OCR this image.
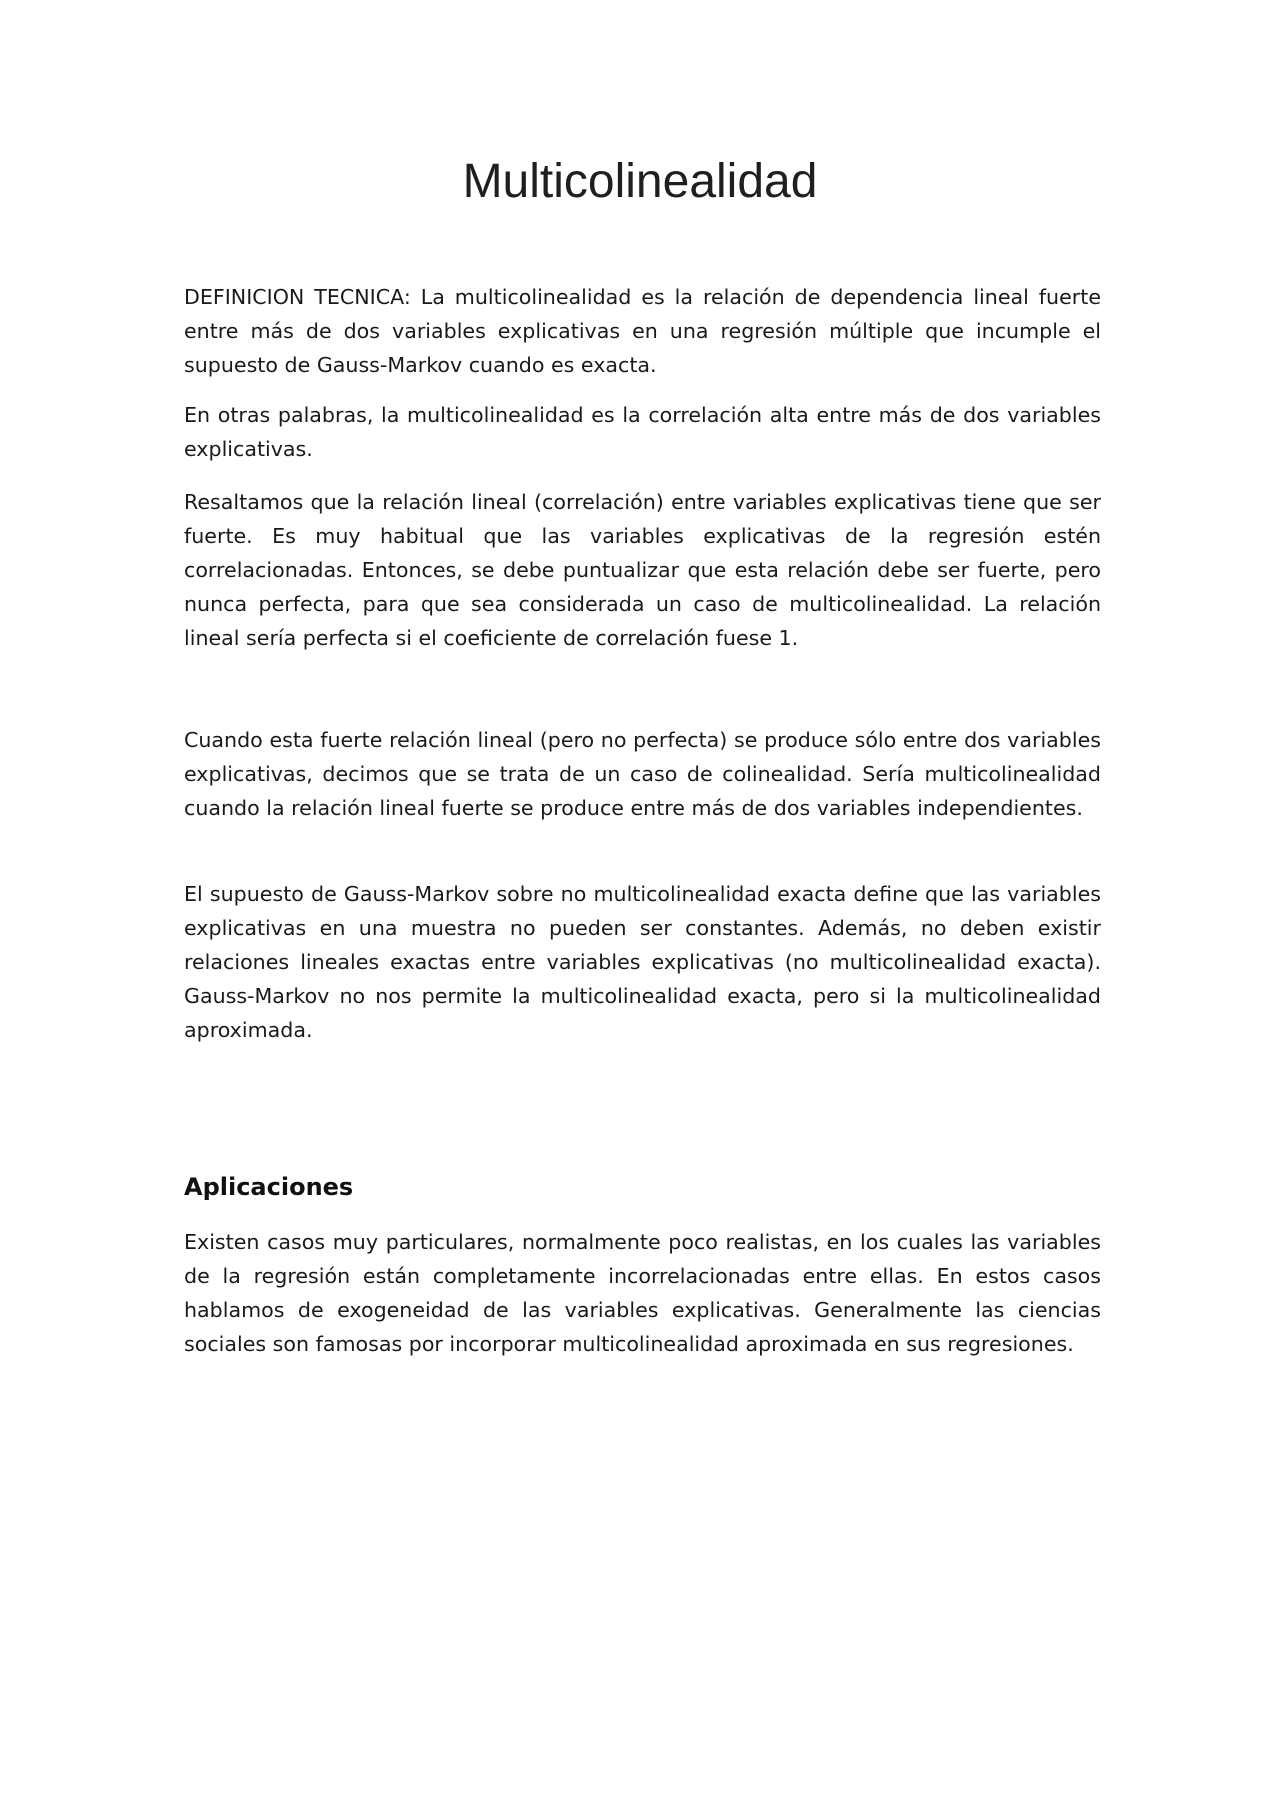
Multicolinealidad

DEFINICION TECNICA: La multicolinealidad es la relación de dependencia lineal fuerte entre más de dos variables explicativas en una regresión múltiple que incumple el supuesto de Gauss-Markov cuando es exacta.

En otras palabras, la multicolinealidad es la correlación alta entre más de dos variables explicativas.

Resaltamos que la relación lineal (correlación) entre variables explicativas tiene que ser fuerte. Es muy habitual que las variables explicativas de la regresión estén correlacionadas. Entonces, se debe puntualizar que esta relación debe ser fuerte, pero nunca perfecta, para que sea considerada un caso de multicolinealidad. La relación lineal sería perfecta si el coeficiente de correlación fuese 1.

Cuando esta fuerte relación lineal (pero no perfecta) se produce sólo entre dos variables explicativas, decimos que se trata de un caso de colinealidad. Sería multicolinealidad cuando la relación lineal fuerte se produce entre más de dos variables independientes.

El supuesto de Gauss-Markov sobre no multicolinealidad exacta define que las variables explicativas en una muestra no pueden ser constantes. Además, no deben existir relaciones lineales exactas entre variables explicativas (no multicolinealidad exacta). Gauss-Markov no nos permite la multicolinealidad exacta, pero si la multicolinealidad aproximada.

Aplicaciones

Existen casos muy particulares, normalmente poco realistas, en los cuales las variables de la regresión están completamente incorrelacionadas entre ellas. En estos casos hablamos de exogeneidad de las variables explicativas. Generalmente las ciencias sociales son famosas por incorporar multicolinealidad aproximada en sus regresiones.
